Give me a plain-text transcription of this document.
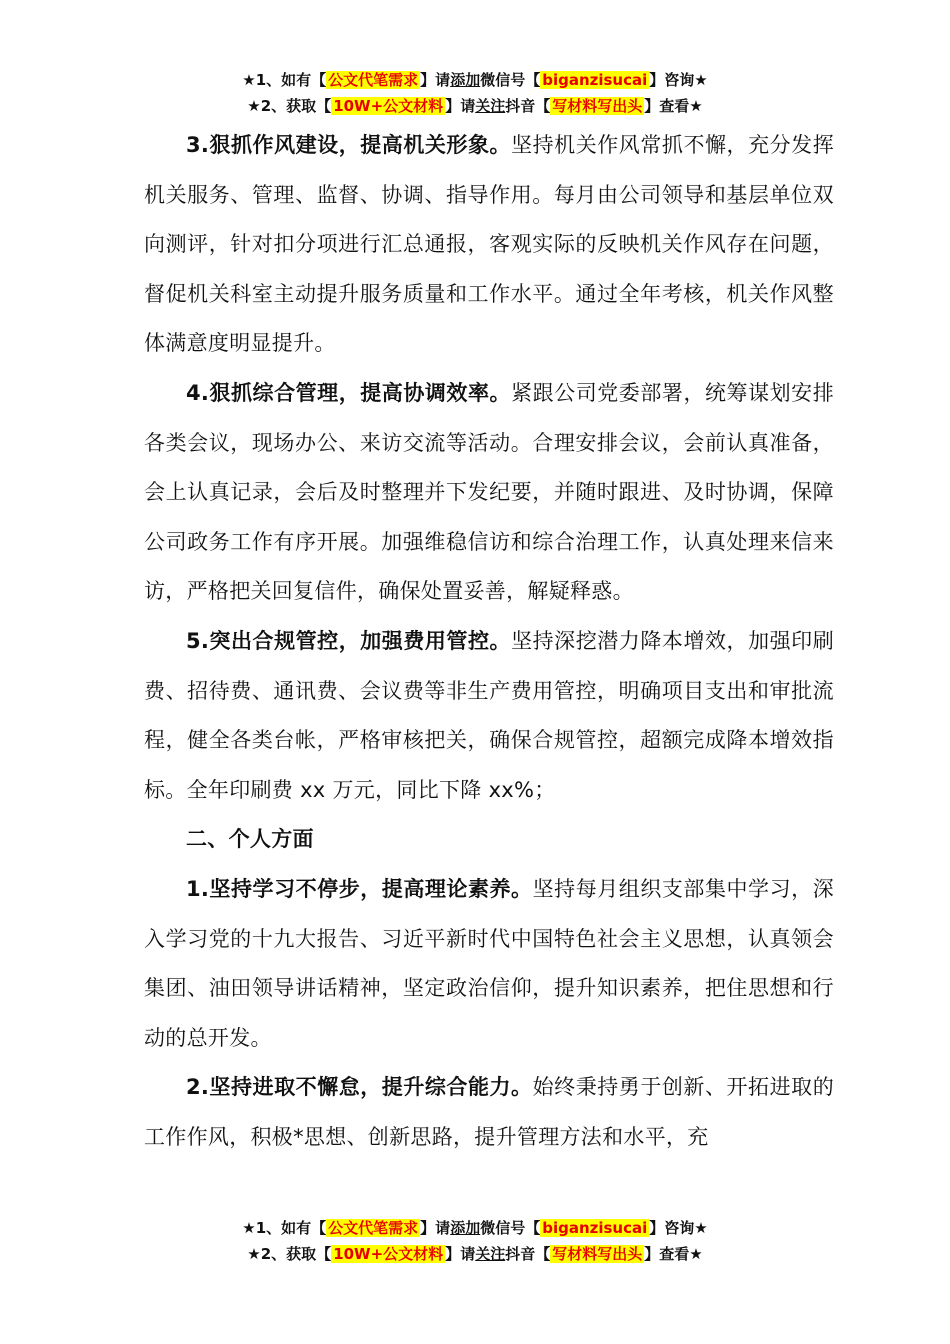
★1、如有【 公文代笔需求 】请添加微信号【 biganzisucai 】咨询★
★2、获取【 10W+公文材料 】请关注抖音【 写材料写出头 】查看★

3.狠抓作风建设，提高机关形象。坚持机关作风常抓不懈，充分发挥机关服务、管理、监督、协调、指导作用。每月由公司领导和基层单位双向测评，针对扣分项进行汇总通报，客观实际的反映机关作风存在问题，督促机关科室主动提升服务质量和工作水平。通过全年考核，机关作风整体满意度明显提升。

4.狠抓综合管理，提高协调效率。紧跟公司党委部署，统筹谋划安排各类会议，现场办公、来访交流等活动。合理安排会议，会前认真准备，会上认真记录，会后及时整理并下发纪要，并随时跟进、及时协调，保障公司政务工作有序开展。加强维稳信访和综合治理工作，认真处理来信来访，严格把关回复信件，确保处置妥善，解疑释惑。

5.突出合规管控，加强费用管控。坚持深挖潜力降本增效，加强印刷费、招待费、通讯费、会议费等非生产费用管控，明确项目支出和审批流程，健全各类台帐，严格审核把关，确保合规管控，超额完成降本增效指标。全年印刷费 xx 万元，同比下降 xx%；

二、个人方面

1.坚持学习不停步，提高理论素养。坚持每月组织支部集中学习，深入学习党的十九大报告、习近平新时代中国特色社会主义思想，认真领会集团、油田领导讲话精神，坚定政治信仰，提升知识素养，把住思想和行动的总开发。

2.坚持进取不懈怠，提升综合能力。始终秉持勇于创新、开拓进取的工作作风，积极*思想、创新思路，提升管理方法和水平，充

★1、如有【 公文代笔需求 】请添加微信号【 biganzisucai 】咨询★
★2、获取【 10W+公文材料 】请关注抖音【 写材料写出头 】查看★
